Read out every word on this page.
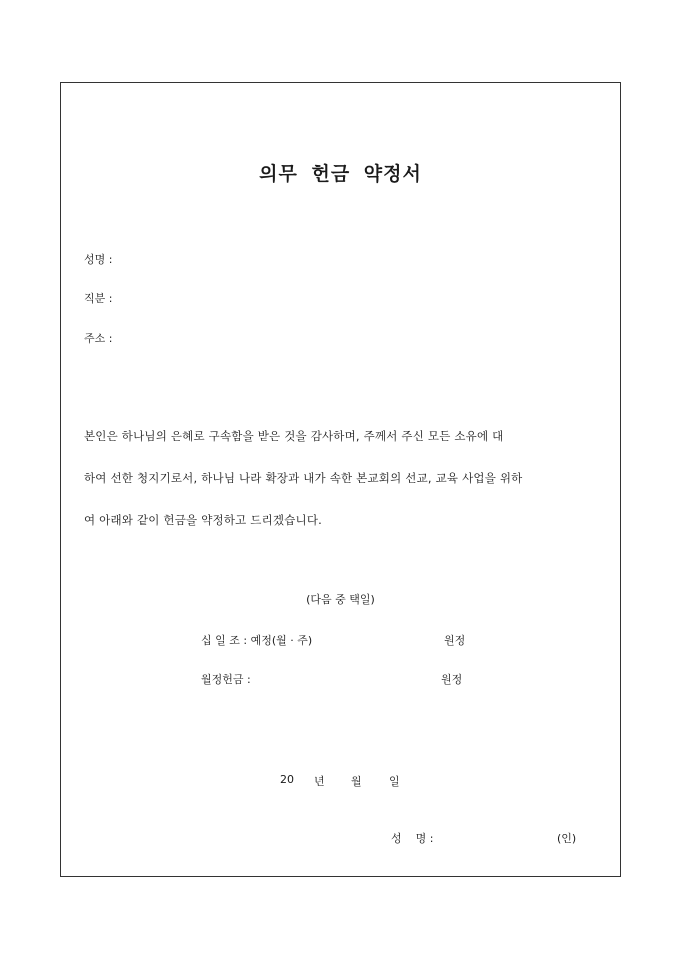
의무 헌금 약정서
성명 :
직분 :
주소 :
본인은 하나님의 은혜로 구속함을 받은 것을 감사하며, 주께서 주신 모든 소유에 대
하여 선한 청지기로서, 하나님 나라 확장과 내가 속한 본교회의 선교, 교육 사업을 위하
여 아래와 같이 헌금을 약정하고 드리겠습니다.
(다음 중 택일)
십 일 조 : 예정(월 · 주)	원정
월정헌금 :	원정
20 년 월 일
성    명 :	(인)
